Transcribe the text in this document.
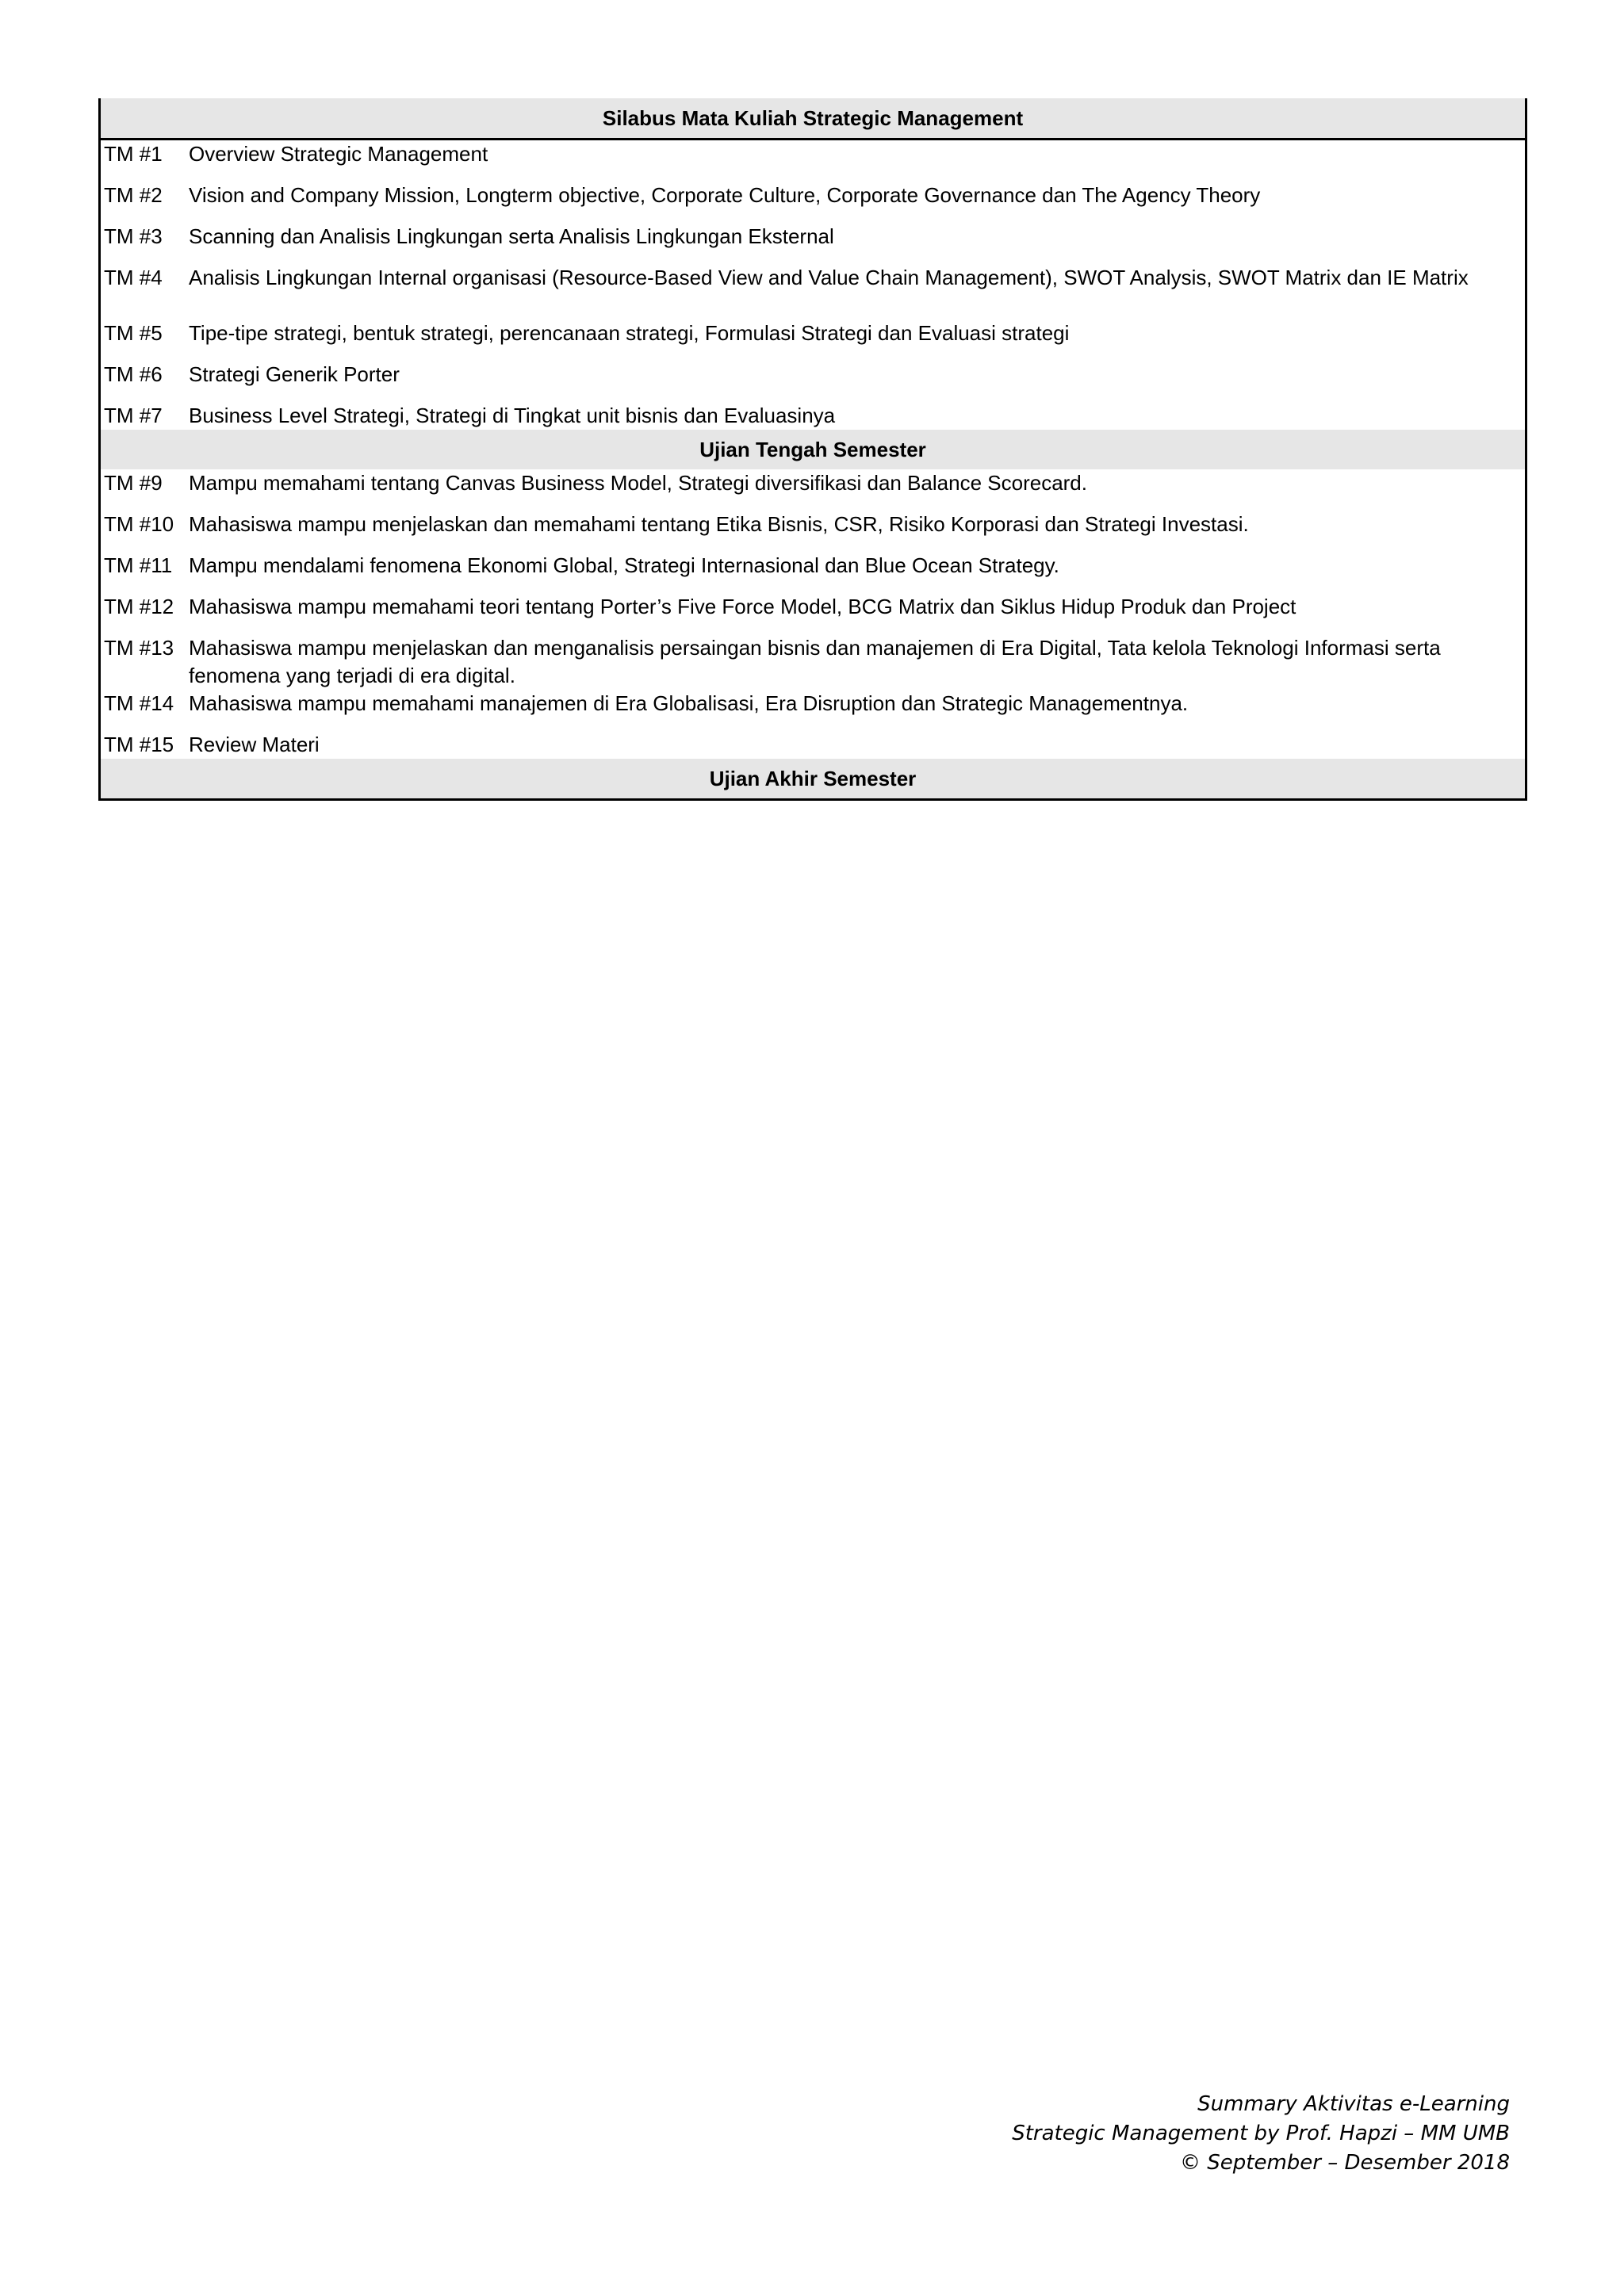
Silabus Mata Kuliah Strategic Management
TM #1	Overview Strategic Management
TM #2	Vision and Company Mission, Longterm objective, Corporate Culture, Corporate Governance dan The Agency Theory
TM #3	Scanning dan Analisis Lingkungan serta Analisis Lingkungan Eksternal
TM #4	Analisis Lingkungan Internal organisasi (Resource-Based View and Value Chain Management), SWOT Analysis, SWOT Matrix dan IE Matrix
TM #5	Tipe-tipe strategi, bentuk strategi, perencanaan strategi, Formulasi Strategi dan Evaluasi strategi
TM #6	Strategi Generik Porter
TM #7	Business Level Strategi, Strategi di Tingkat unit bisnis dan Evaluasinya
Ujian Tengah Semester
TM #9	Mampu memahami tentang Canvas Business Model, Strategi diversifikasi dan Balance Scorecard.
TM #10 Mahasiswa mampu menjelaskan dan memahami tentang Etika Bisnis, CSR, Risiko Korporasi dan Strategi Investasi.
TM #11 Mampu mendalami fenomena Ekonomi Global, Strategi Internasional dan Blue Ocean Strategy.
TM #12 Mahasiswa mampu memahami teori tentang Porter’s Five Force Model, BCG Matrix dan Siklus Hidup Produk dan Project
TM #13 Mahasiswa mampu menjelaskan dan menganalisis persaingan bisnis dan manajemen di Era Digital, Tata kelola Teknologi Informasi serta fenomena yang terjadi di era digital.
TM #14 Mahasiswa mampu memahami manajemen di Era Globalisasi, Era Disruption dan Strategic Managementnya.
TM #15 Review Materi
Ujian Akhir Semester
Summary Aktivitas e-Learning
Strategic Management by Prof. Hapzi – MM UMB
© September – Desember 2018
